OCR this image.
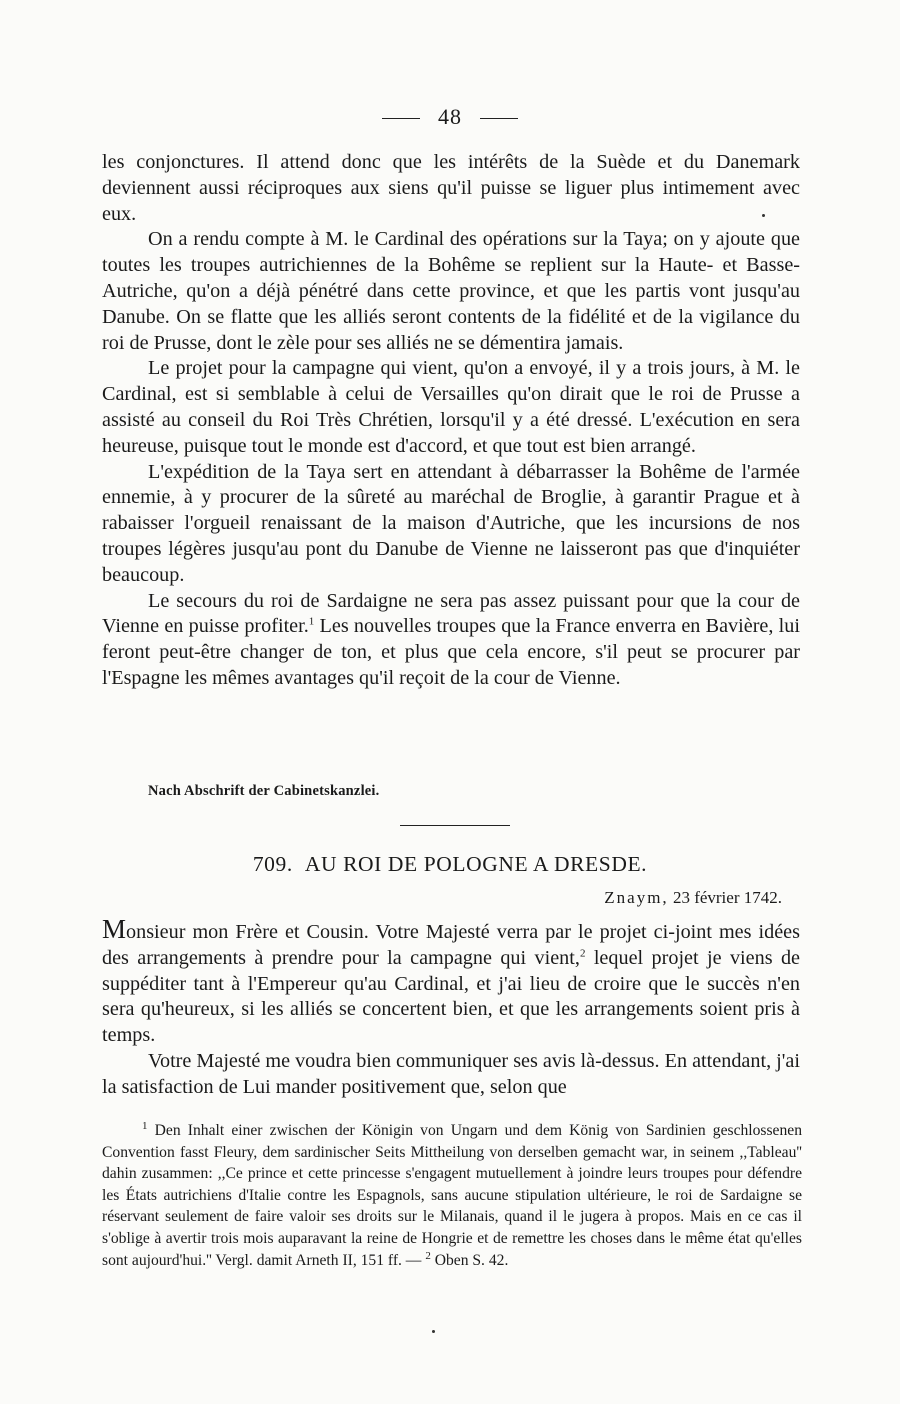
48

les conjonctures. Il attend donc que les intérêts de la Suède et du Danemark deviennent aussi réciproques aux siens qu'il puisse se liguer plus intimement avec eux.

On a rendu compte à M. le Cardinal des opérations sur la Taya; on y ajoute que toutes les troupes autrichiennes de la Bohême se replient sur la Haute- et Basse-Autriche, qu'on a déjà pénétré dans cette province, et que les partis vont jusqu'au Danube. On se flatte que les alliés seront contents de la fidélité et de la vigilance du roi de Prusse, dont le zèle pour ses alliés ne se démentira jamais.

Le projet pour la campagne qui vient, qu'on a envoyé, il y a trois jours, à M. le Cardinal, est si semblable à celui de Versailles qu'on dirait que le roi de Prusse a assisté au conseil du Roi Très Chrétien, lorsqu'il y a été dressé. L'exécution en sera heureuse, puisque tout le monde est d'accord, et que tout est bien arrangé.

L'expédition de la Taya sert en attendant à débarrasser la Bohême de l'armée ennemie, à y procurer de la sûreté au maréchal de Broglie, à garantir Prague et à rabaisser l'orgueil renaissant de la maison d'Autriche, que les incursions de nos troupes légères jusqu'au pont du Danube de Vienne ne laisseront pas que d'inquiéter beaucoup.

Le secours du roi de Sardaigne ne sera pas assez puissant pour que la cour de Vienne en puisse profiter.$^1$ Les nouvelles troupes que la France enverra en Bavière, lui feront peut-être changer de ton, et plus que cela encore, s'il peut se procurer par l'Espagne les mêmes avantages qu'il reçoit de la cour de Vienne.

Nach Abschrift der Cabinetskanzlei.
709. AU ROI DE POLOGNE A DRESDE.
Znaym, 23 février 1742.

Monsieur mon Frère et Cousin. Votre Majesté verra par le projet ci-joint mes idées des arrangements à prendre pour la campagne qui vient,$^2$ lequel projet je viens de suppéditer tant à l'Empereur qu'au Cardinal, et j'ai lieu de croire que le succès n'en sera qu'heureux, si les alliés se concertent bien, et que les arrangements soient pris à temps.

Votre Majesté me voudra bien communiquer ses avis là-dessus. En attendant, j'ai la satisfaction de Lui mander positivement que, selon que

$^1$ Den Inhalt einer zwischen der Königin von Ungarn und dem König von Sardinien geschlossenen Convention fasst Fleury, dem sardinischer Seits Mittheilung von derselben gemacht war, in seinem ,,Tableau'' dahin zusammen: ,,Ce prince et cette princesse s'engagent mutuellement à joindre leurs troupes pour défendre les États autrichiens d'Italie contre les Espagnols, sans aucune stipulation ultérieure, le roi de Sardaigne se réservant seulement de faire valoir ses droits sur le Milanais, quand il le jugera à propos. Mais en ce cas il s'oblige à avertir trois mois auparavant la reine de Hongrie et de remettre les choses dans le même état qu'elles sont aujourd'hui.'' Vergl. damit Arneth II, 151 ff. — $^2$ Oben S. 42.
